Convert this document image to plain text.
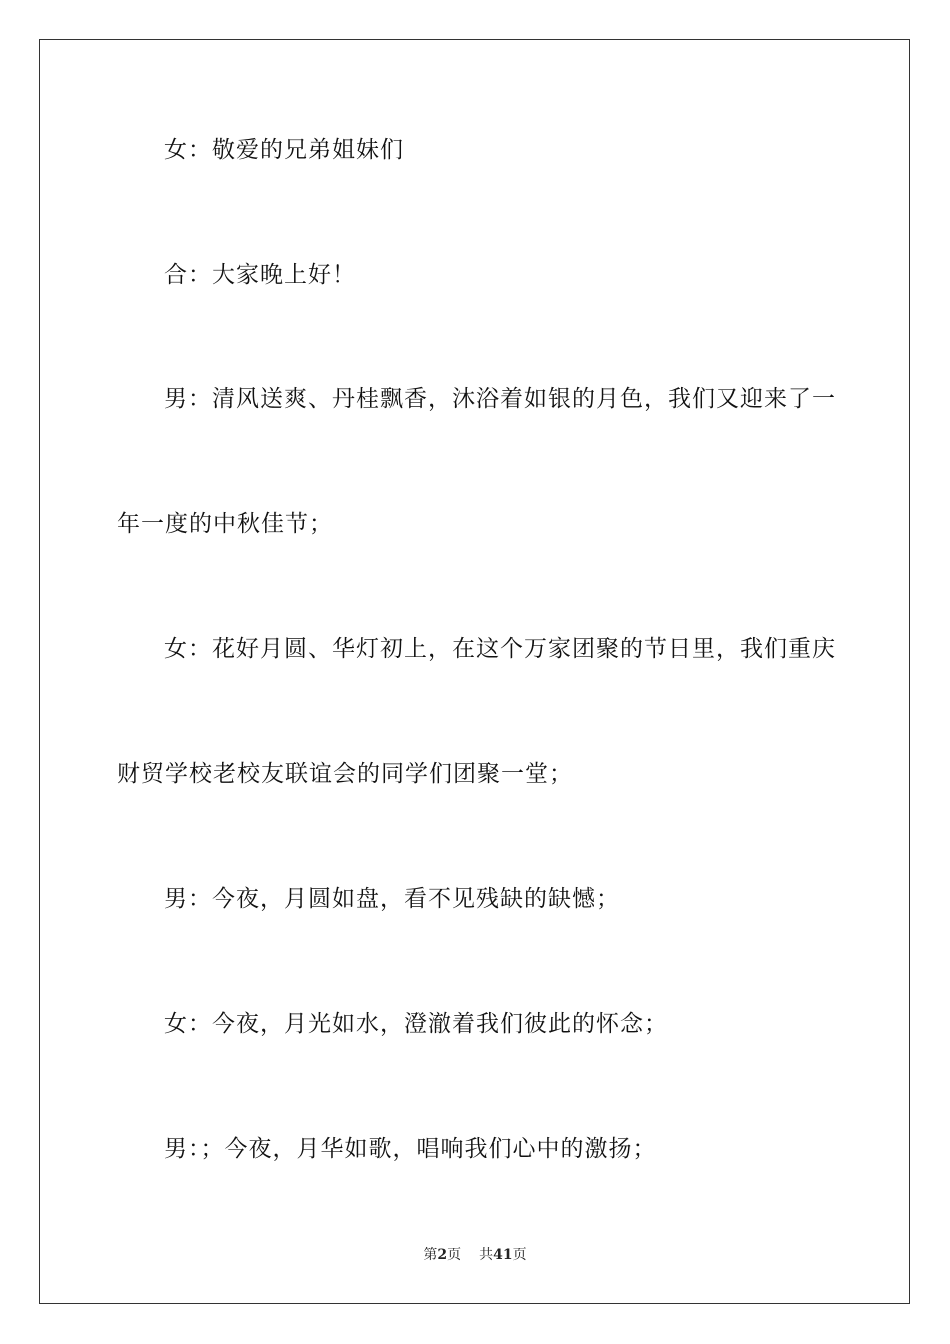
女：敬爱的兄弟姐妹们
合：大家晚上好！
男：清风送爽、丹桂飘香，沐浴着如银的月色，我们又迎来了一
年一度的中秋佳节；
女：花好月圆、华灯初上，在这个万家团聚的节日里，我们重庆
财贸学校老校友联谊会的同学们团聚一堂；
男：今夜，月圆如盘，看不见残缺的缺憾；
女：今夜，月光如水，澄澈着我们彼此的怀念；
男：；今夜，月华如歌，唱响我们心中的激扬；
第2页 共41页
